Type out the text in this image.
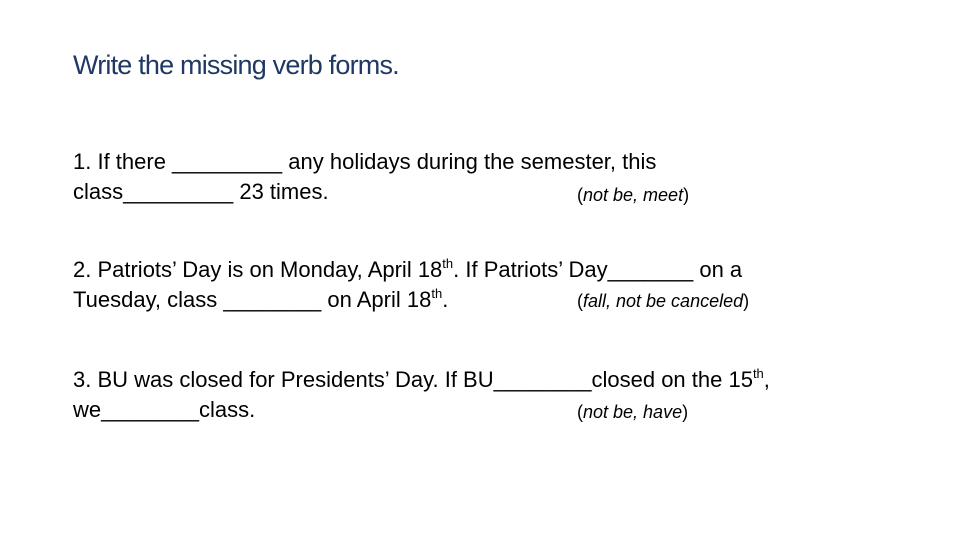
Write the missing verb forms.
1. If there _________ any holidays during the semester, this
class_________ 23 times.	(not be, meet)
2. Patriots’ Day is on Monday, April 18th. If Patriots’ Day_______ on a
Tuesday, class ________ on April 18th.	(fall, not be canceled)
3. BU was closed for Presidents’ Day. If BU________closed on the 15th,
we________class.	(not be, have)
